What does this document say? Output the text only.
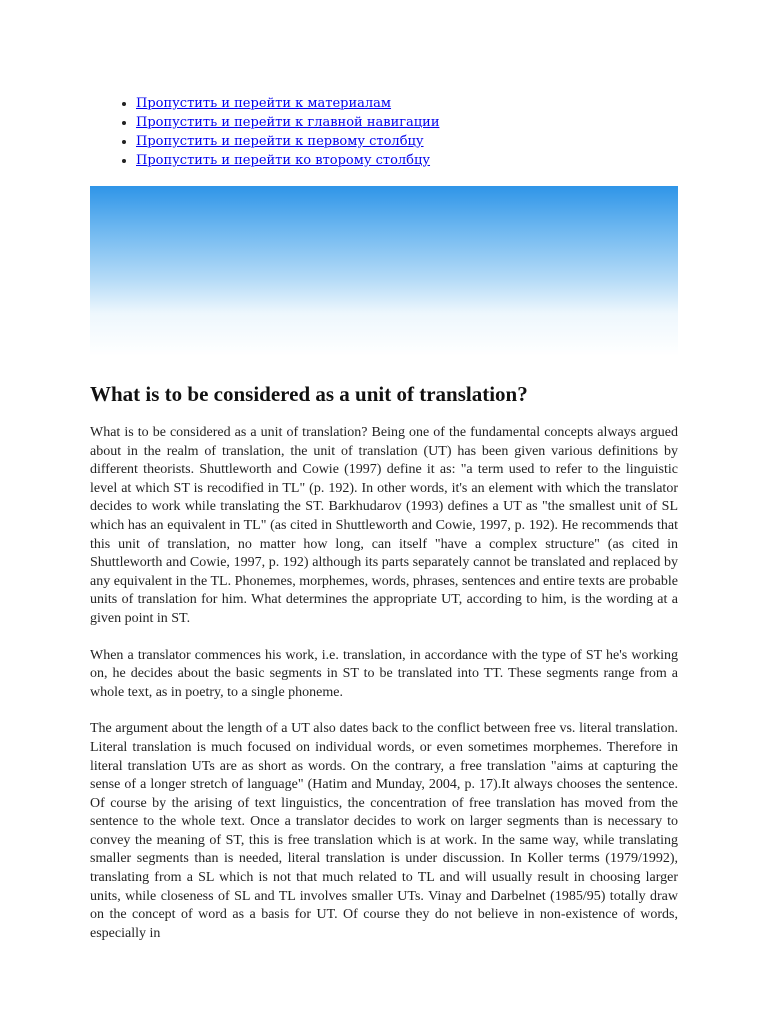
• Пропустить и перейти к материалам
• Пропустить и перейти к главной навигации
• Пропустить и перейти к первому столбцу
• Пропустить и перейти ко второму столбцу
What is to be considered as a unit of translation?

What is to be considered as a unit of translation? Being one of the fundamental concepts always argued about in the realm of translation, the unit of translation (UT) has been given various definitions by different theorists. Shuttleworth and Cowie (1997) define it as: "a term used to refer to the linguistic level at which ST is recodified in TL" (p. 192). In other words, it's an element with which the translator decides to work while translating the ST. Barkhudarov (1993) defines a UT as "the smallest unit of SL which has an equivalent in TL" (as cited in Shuttleworth and Cowie, 1997, p. 192). He recommends that this unit of translation, no matter how long, can itself "have a complex structure" (as cited in Shuttleworth and Cowie, 1997, p. 192) although its parts separately cannot be translated and replaced by any equivalent in the TL. Phonemes, morphemes, words, phrases, sentences and entire texts are probable units of translation for him. What determines the appropriate UT, according to him, is the wording at a given point in ST.

When a translator commences his work, i.e. translation, in accordance with the type of ST he's working on, he decides about the basic segments in ST to be translated into TT. These segments range from a whole text, as in poetry, to a single phoneme.

The argument about the length of a UT also dates back to the conflict between free vs. literal translation. Literal translation is much focused on individual words, or even sometimes morphemes. Therefore in literal translation UTs are as short as words. On the contrary, a free translation "aims at capturing the sense of a longer stretch of language" (Hatim and Munday, 2004, p. 17).It always chooses the sentence. Of course by the arising of text linguistics, the concentration of free translation has moved from the sentence to the whole text. Once a translator decides to work on larger segments than is necessary to convey the meaning of ST, this is free translation which is at work. In the same way, while translating smaller segments than is needed, literal translation is under discussion. In Koller terms (1979/1992), translating from a SL which is not that much related to TL and will usually result in choosing larger units, while closeness of SL and TL involves smaller UTs. Vinay and Darbelnet (1985/95) totally draw on the concept of word as a basis for UT. Of course they do not believe in non-existence of words, especially in
